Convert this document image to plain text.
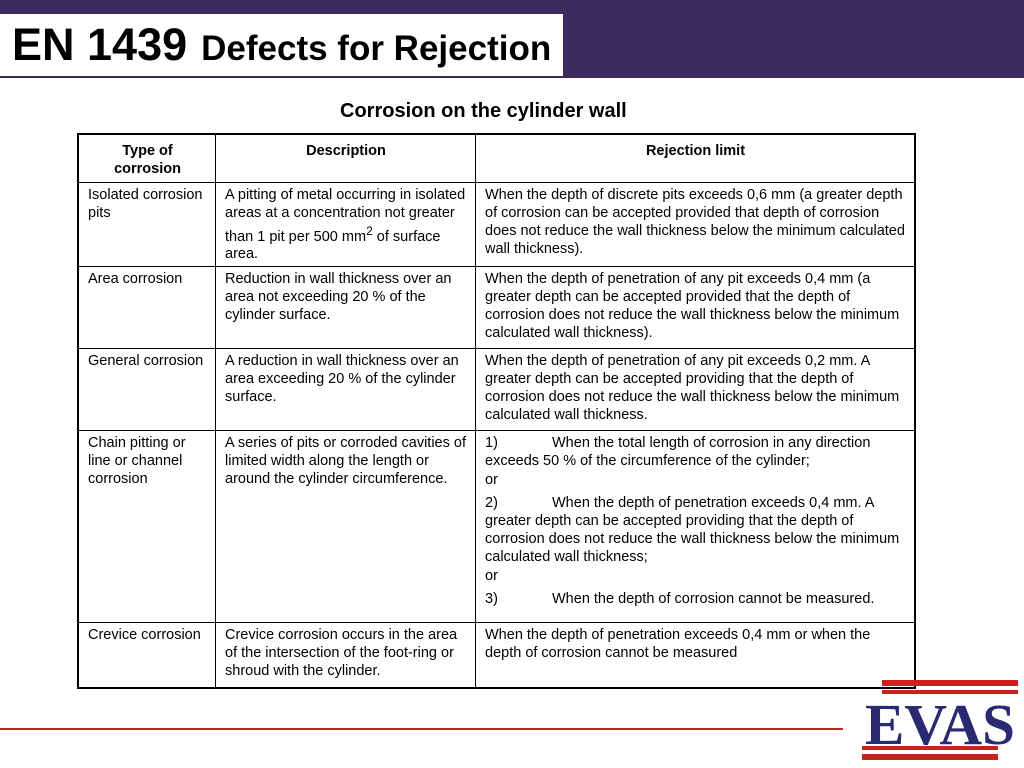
EN 1439 Defects for Rejection
Corrosion on the cylinder wall
Type of corrosion	Description	Rejection limit
Isolated corrosion pits	A pitting of metal occurring in isolated areas at a concentration not greater than 1 pit per 500 $mm^2$ of surface area.	When the depth of discrete pits exceeds 0,6 mm (a greater depth of corrosion can be accepted provided that depth of corrosion does not reduce the wall thickness below the minimum calculated wall thickness).
Area corrosion	Reduction in wall thickness over an area not exceeding 20 % of the cylinder surface.	When the depth of penetration of any pit exceeds 0,4 mm (a greater depth can be accepted provided that the depth of corrosion does not reduce the wall thickness below the minimum calculated wall thickness).
General corrosion	A reduction in wall thickness over an area exceeding 20 % of the cylinder surface.	When the depth of penetration of any pit exceeds 0,2 mm. A greater depth can be accepted providing that the depth of corrosion does not reduce the wall thickness below the minimum calculated wall thickness.
Chain pitting or line or channel corrosion	A series of pits or corroded cavities of limited width along the length or around the cylinder circumference.	1) When the total length of corrosion in any direction exceeds 50 % of the circumference of the cylinder;
or
2) When the depth of penetration exceeds 0,4 mm. A greater depth can be accepted providing that the depth of corrosion does not reduce the wall thickness below the minimum calculated wall thickness;
or
3) When the depth of corrosion cannot be measured.

Crevice corrosion	Crevice corrosion occurs in the area of the intersection of the foot-ring or shroud with the cylinder.	When the depth of penetration exceeds 0,4 mm or when the depth of corrosion cannot be measured
EVAS
